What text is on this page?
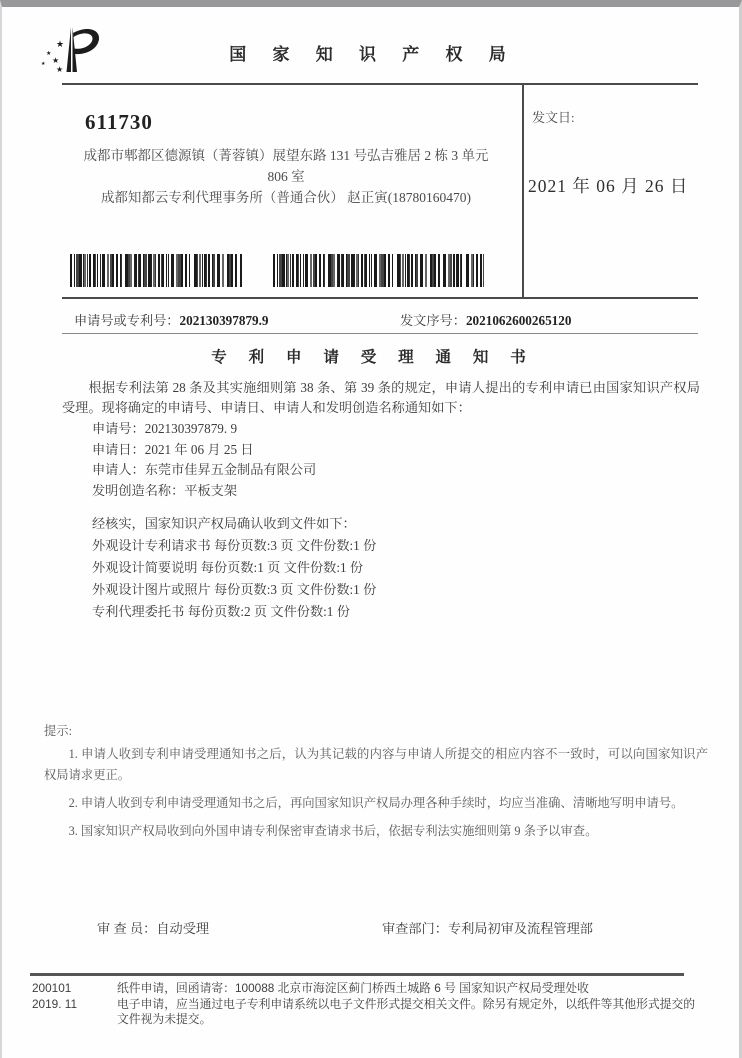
★
★
★
★
★
国 家 知 识 产 权 局
611730
成都市郫都区德源镇（菁蓉镇）展望东路 131 号弘吉雅居 2 栋 3 单元
806 室
成都知都云专利代理事务所（普通合伙） 赵正寅(18780160470)
发文日:
2021 年 06 月 26 日
申请号或专利号：202130397879.9	发文序号：2021062600265120
专 利 申 请 受 理 通 知 书
根据专利法第 28 条及其实施细则第 38 条、第 39 条的规定，申请人提出的专利申请已由国家知识产权局受理。现将确定的申请号、申请日、申请人和发明创造名称通知如下：
申请号：202130397879. 9
申请日：2021 年 06 月 25 日
申请人：东莞市佳昇五金制品有限公司
发明创造名称：平板支架
经核实，国家知识产权局确认收到文件如下：
外观设计专利请求书 每份页数:3 页 文件份数:1 份
外观设计简要说明 每份页数:1 页 文件份数:1 份
外观设计图片或照片 每份页数:3 页 文件份数:1 份
专利代理委托书 每份页数:2 页 文件份数:1 份
提示:

1. 申请人收到专利申请受理通知书之后，认为其记载的内容与申请人所提交的相应内容不一致时，可以向国家知识产权局请求更正。

2. 申请人收到专利申请受理通知书之后，再向国家知识产权局办理各种手续时，均应当准确、清晰地写明申请号。

3. 国家知识产权局收到向外国申请专利保密审查请求书后，依据专利法实施细则第 9 条予以审查。

审 查 员：自动受理	审查部门：专利局初审及流程管理部
200101
2019. 11
纸件申请，回函请寄：100088 北京市海淀区蓟门桥西土城路 6 号 国家知识产权局受理处收
电子申请，应当通过电子专利申请系统以电子文件形式提交相关文件。除另有规定外，以纸件等其他形式提交的
文件视为未提交。
